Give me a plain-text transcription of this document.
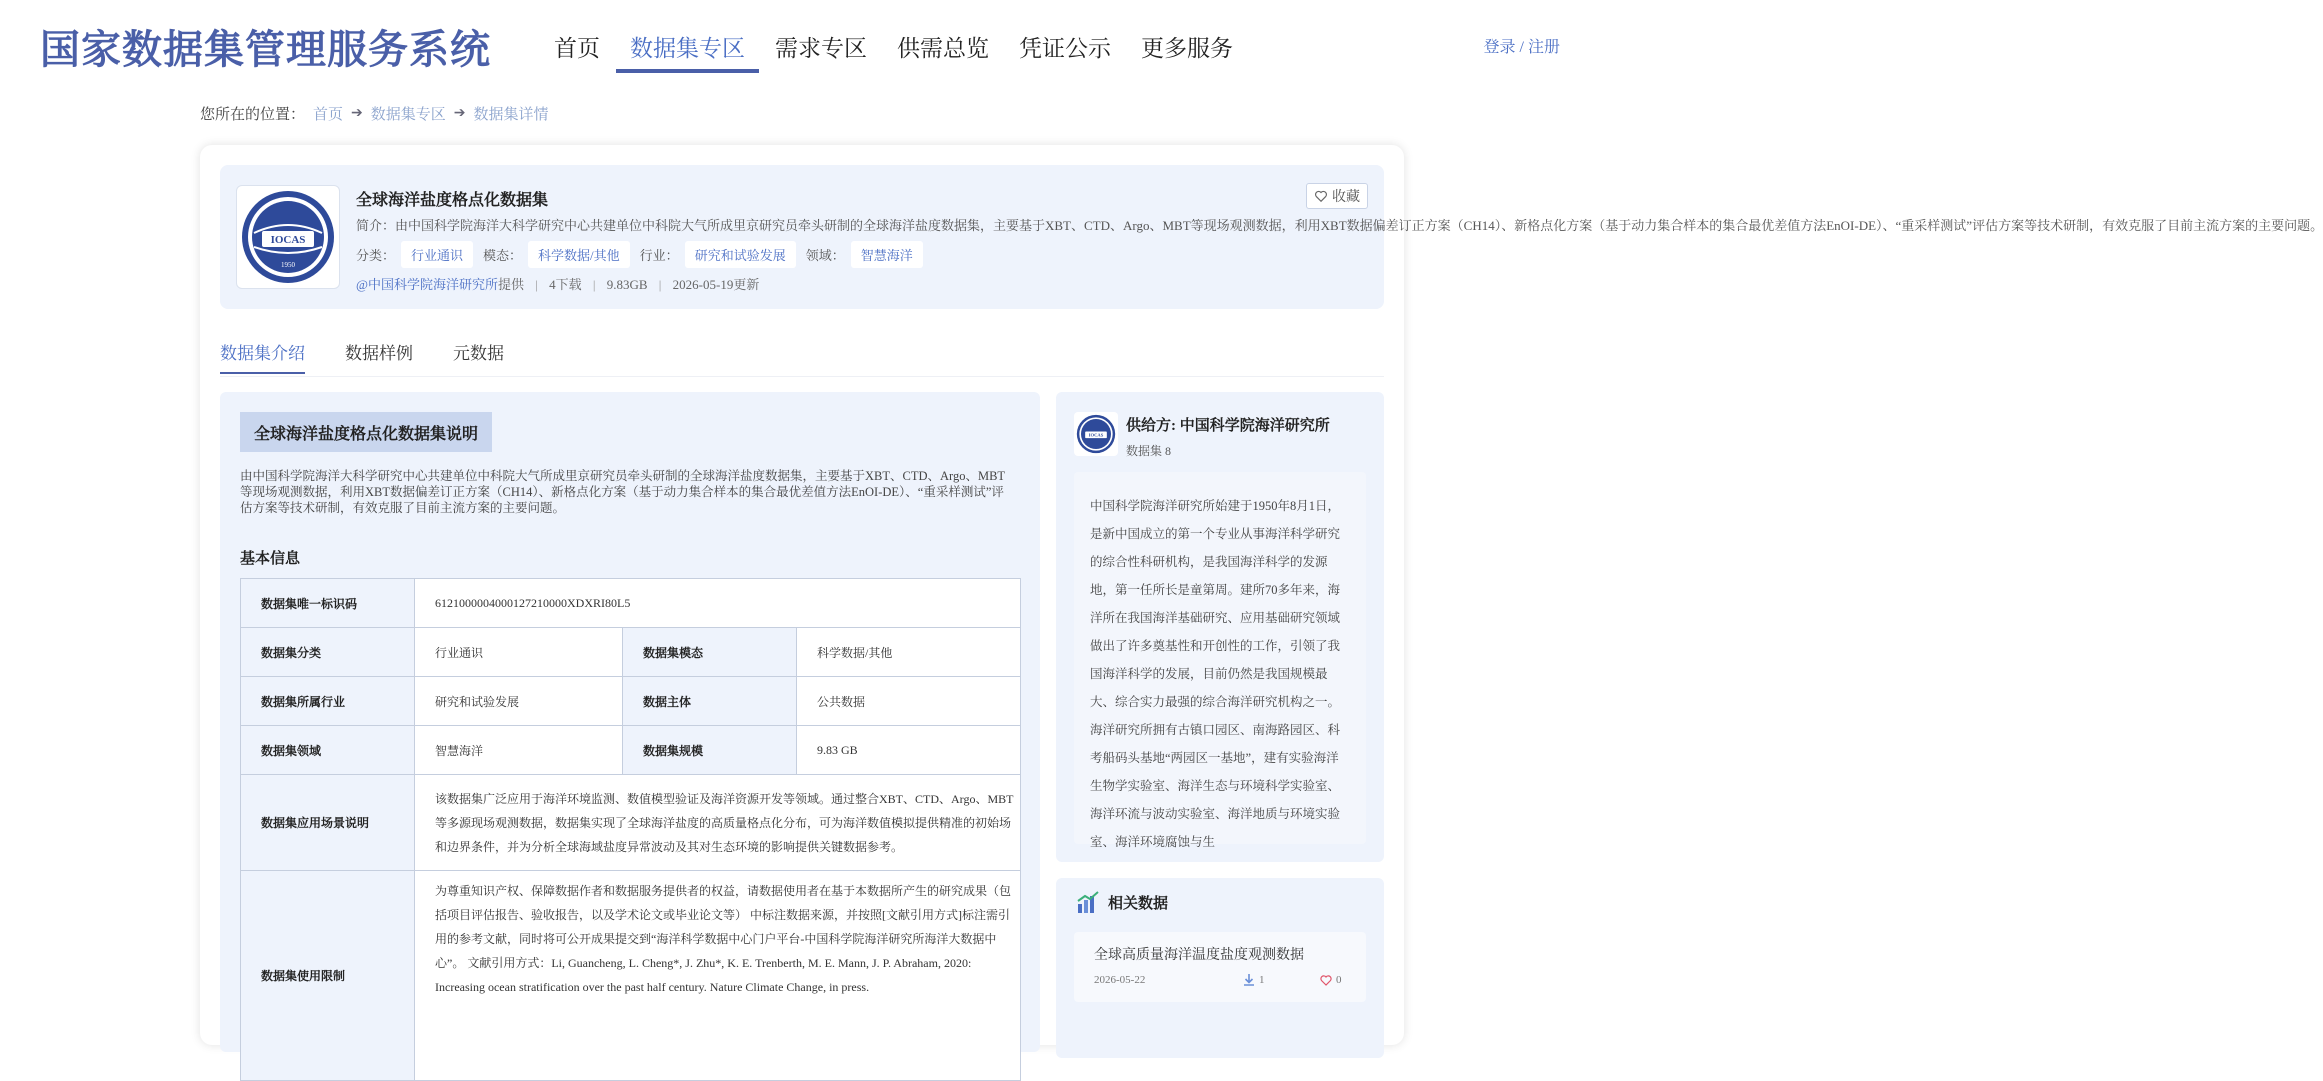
国家数据集管理服务系统	首页	数据集专区	需求专区	供需总览	凭证公示	更多服务	登录 / 注册
您所在的位置： 首页 ➔ 数据集专区 ➔ 数据集详情
IOCAS
1950
全球海洋盐度格点化数据集
简介：由中国科学院海洋大科学研究中心共建单位中科院大气所成里京研究员牵头研制的全球海洋盐度数据集，主要基于XBT、CTD、Argo、MBT等现场观测数据，利用XBT数据偏差订正方案（CH14）、新格点化方案（基于动力集合样本的集合最优差值方法EnOI-DE）、“重采样测试”评估方案等技术研制，有效克服了目前主流方案的主要问题。
分类：	行业通识	模态：	科学数据/其他	行业：	研究和试验发展	领域：	智慧海洋
@中国科学院海洋研究所提供 | 4下载 | 9.83GB | 2026-05-19更新
收藏
数据集介绍 数据样例 元数据
全球海洋盐度格点化数据集说明
由中国科学院海洋大科学研究中心共建单位中科院大气所成里京研究员牵头研制的全球海洋盐度数据集，主要基于XBT、CTD、Argo、MBT等现场观测数据，利用XBT数据偏差订正方案（CH14）、新格点化方案（基于动力集合样本的集合最优差值方法EnOI-DE）、“重采样测试”评估方案等技术研制，有效克服了目前主流方案的主要问题。
基本信息
数据集唯一标识码	6121000004000127210000XDXRI80L5		
数据集分类	行业通识	数据集模态	科学数据/其他
数据集所属行业	研究和试验发展	数据主体	公共数据
数据集领域	智慧海洋	数据集规模	9.83 GB
数据集应用场景说明	该数据集广泛应用于海洋环境监测、数值模型验证及海洋资源开发等领域。通过整合XBT、CTD、Argo、MBT等多源现场观测数据，数据集实现了全球海洋盐度的高质量格点化分布，可为海洋数值模拟提供精准的初始场和边界条件，并为分析全球海域盐度异常波动及其对生态环境的影响提供关键数据参考。		
数据集使用限制	为尊重知识产权、保障数据作者和数据服务提供者的权益，请数据使用者在基于本数据所产生的研究成果（包括项目评估报告、验收报告，以及学术论文或毕业论文等） 中标注数据来源，并按照[文献引用方式]标注需引用的参考文献，同时将可公开成果提交到“海洋科学数据中心门户平台-中国科学院海洋研究所海洋大数据中心”。 文献引用方式：Li, Guancheng, L. Cheng*, J. Zhu*, K. E. Trenberth, M. E. Mann, J. P. Abraham, 2020: Increasing ocean stratification over the past half century. Nature Climate Change, in press.		
IOCAS
供给方: 中国科学院海洋研究所
数据集 8
中国科学院海洋研究所始建于1950年8月1日，是新中国成立的第一个专业从事海洋科学研究的综合性科研机构，是我国海洋科学的发源地，第一任所长是童第周。建所70多年来，海洋所在我国海洋基础研究、应用基础研究领域做出了许多奠基性和开创性的工作，引领了我国海洋科学的发展，目前仍然是我国规模最大、综合实力最强的综合海洋研究机构之一。 海洋研究所拥有古镇口园区、南海路园区、科考船码头基地“两园区一基地”，建有实验海洋生物学实验室、海洋生态与环境科学实验室、海洋环流与波动实验室、海洋地质与环境实验室、海洋环境腐蚀与生
相关数据
全球高质量海洋温度盐度观测数据
2026-05-22	1	0
